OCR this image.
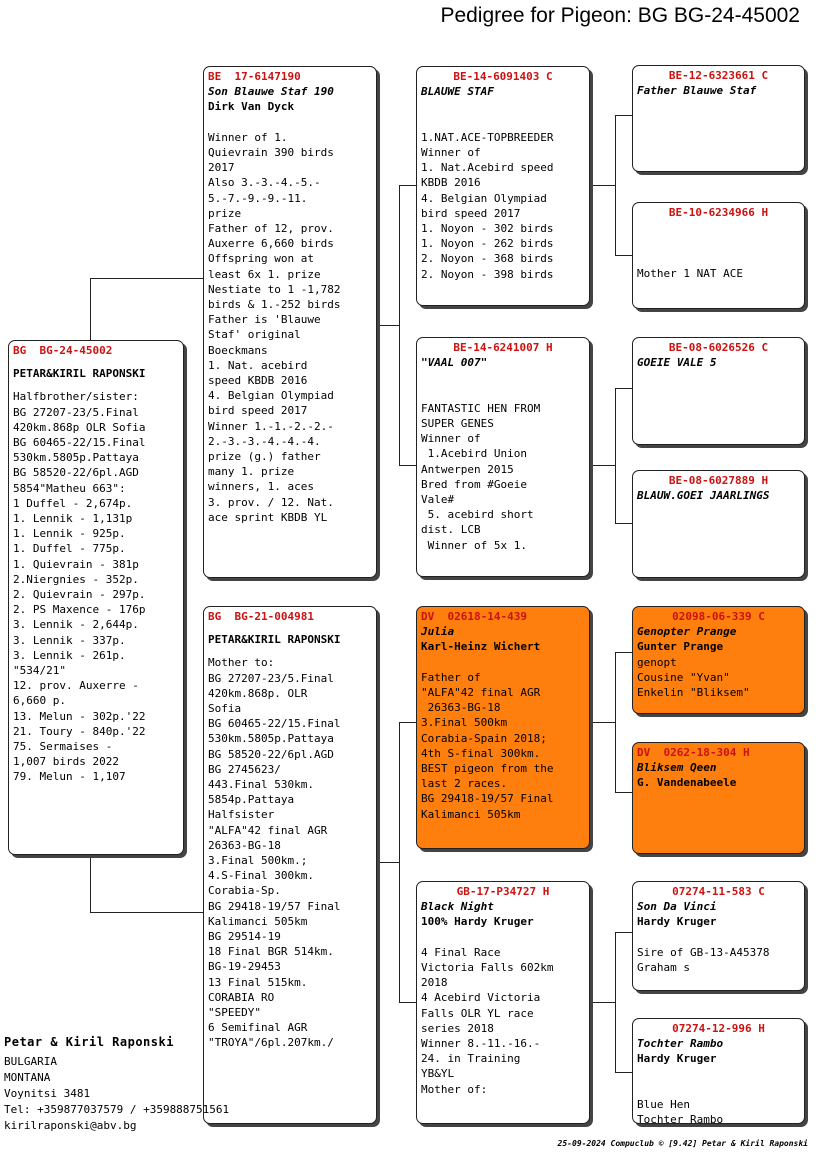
Pedigree for Pigeon: BG BG-24-45002
BG  BG-24-45002
PETAR&KIRIL RAPONSKI
Halfbrother/sister:
BG 27207-23/5.Final
420km.868p OLR Sofia
BG 60465-22/15.Final
530km.5805p.Pattaya
BG 58520-22/6pl.AGD
5854"Matheu 663":
1 Duffel - 2,674p.
1. Lennik - 1,131p
1. Lennik - 925p.
1. Duffel - 775p.
1. Quievrain - 381p
2.Niergnies - 352p.
2. Quievrain - 297p.
2. PS Maxence - 176p
3. Lennik - 2,644p.
3. Lennik - 337p.
3. Lennik - 261p.
"534/21"
12. prov. Auxerre -
6,660 p.
13. Melun - 302p.'22
21. Toury - 840p.'22
75. Sermaises -
1,007 birds 2022
79. Melun - 1,107
BE  17-6147190
Son Blauwe Staf 190
Dirk Van Dyck

Winner of 1.
Quievrain 390 birds
2017
Also 3.-3.-4.-5.-
5.-7.-9.-9.-11.
prize
Father of 12, prov.
Auxerre 6,660 birds
Offspring won at
least 6x 1. prize
Nestiate to 1 -1,782
birds & 1.-252 birds
Father is 'Blauwe
Staf' original
Boeckmans
1. Nat. acebird
speed KBDB 2016
4. Belgian Olympiad
bird speed 2017
Winner 1.-1.-2.-2.-
2.-3.-3.-4.-4.-4.
prize (g.) father
many 1. prize
winners, 1. aces
3. prov. / 12. Nat.
ace sprint KBDB YL
BG  BG-21-004981
PETAR&KIRIL RAPONSKI
Mother to:
BG 27207-23/5.Final
420km.868p. OLR
Sofia
BG 60465-22/15.Final
530km.5805p.Pattaya
BG 58520-22/6pl.AGD
BG 2745623/
443.Final 530km.
5854p.Pattaya
Halfsister
"ALFA"42 final AGR
26363-BG-18
3.Final 500km.;
4.S-Final 300km.
Corabia-Sp.
BG 29418-19/57 Final
Kalimanci 505km
BG 29514-19
18 Final BGR 514km.
BG-19-29453
13 Final 515km.
CORABIA RO
"SPEEDY"
6 Semifinal AGR
"TROYA"/6pl.207km./
BE-14-6091403 C
BLAUWE STAF

1.NAT.ACE-TOPBREEDER
Winner of
1. Nat.Acebird speed
KBDB 2016
4. Belgian Olympiad
bird speed 2017
1. Noyon - 302 birds
1. Noyon - 262 birds
2. Noyon - 368 birds
2. Noyon - 398 birds
BE-14-6241007 H
"VAAL 007"

FANTASTIC HEN FROM
SUPER GENES
Winner of
1.Acebird Union
Antwerpen 2015
Bred from #Goeie
Vale#
5. acebird short
dist. LCB
Winner of 5x 1.
DV  02618-14-439
Julia
Karl-Heinz Wichert

Father of
"ALFA"42 final AGR
26363-BG-18
3.Final 500km
Corabia-Spain 2018;
4th S-final 300km.
BEST pigeon from the
last 2 races.
BG 29418-19/57 Final
Kalimanci 505km
GB-17-P34727 H
Black Night
100% Hardy Kruger

4 Final Race
Victoria Falls 602km
2018
4 Acebird Victoria
Falls OLR YL race
series 2018
Winner 8.-11.-16.-
24. in Training
YB&YL
Mother of:
BE-12-6323661 C
Father Blauwe Staf
BE-10-6234966 H

Mother 1 NAT ACE
BE-08-6026526 C
GOEIE VALE 5
BE-08-6027889 H
BLAUW.GOEI JAARLINGS
02098-06-339 C
Genopter Prange
Gunter Prange
genopt
Cousine "Yvan"
Enkelin "Bliksem"
DV  0262-18-304 H
Bliksem Qeen
G. Vandenabeele
07274-11-583 C
Son Da Vinci
Hardy Kruger

Sire of GB-13-A45378
Graham s
07274-12-996 H
Tochter Rambo
Hardy Kruger

Blue Hen
Tochter Rambo
Petar & Kiril Raponski
BULGARIA
MONTANA
Voynitsi 3481
Tel: +359877037579 / +359888751561
kirilraponski@abv.bg
25-09-2024 Compuclub © [9.42] Petar & Kiril Raponski
